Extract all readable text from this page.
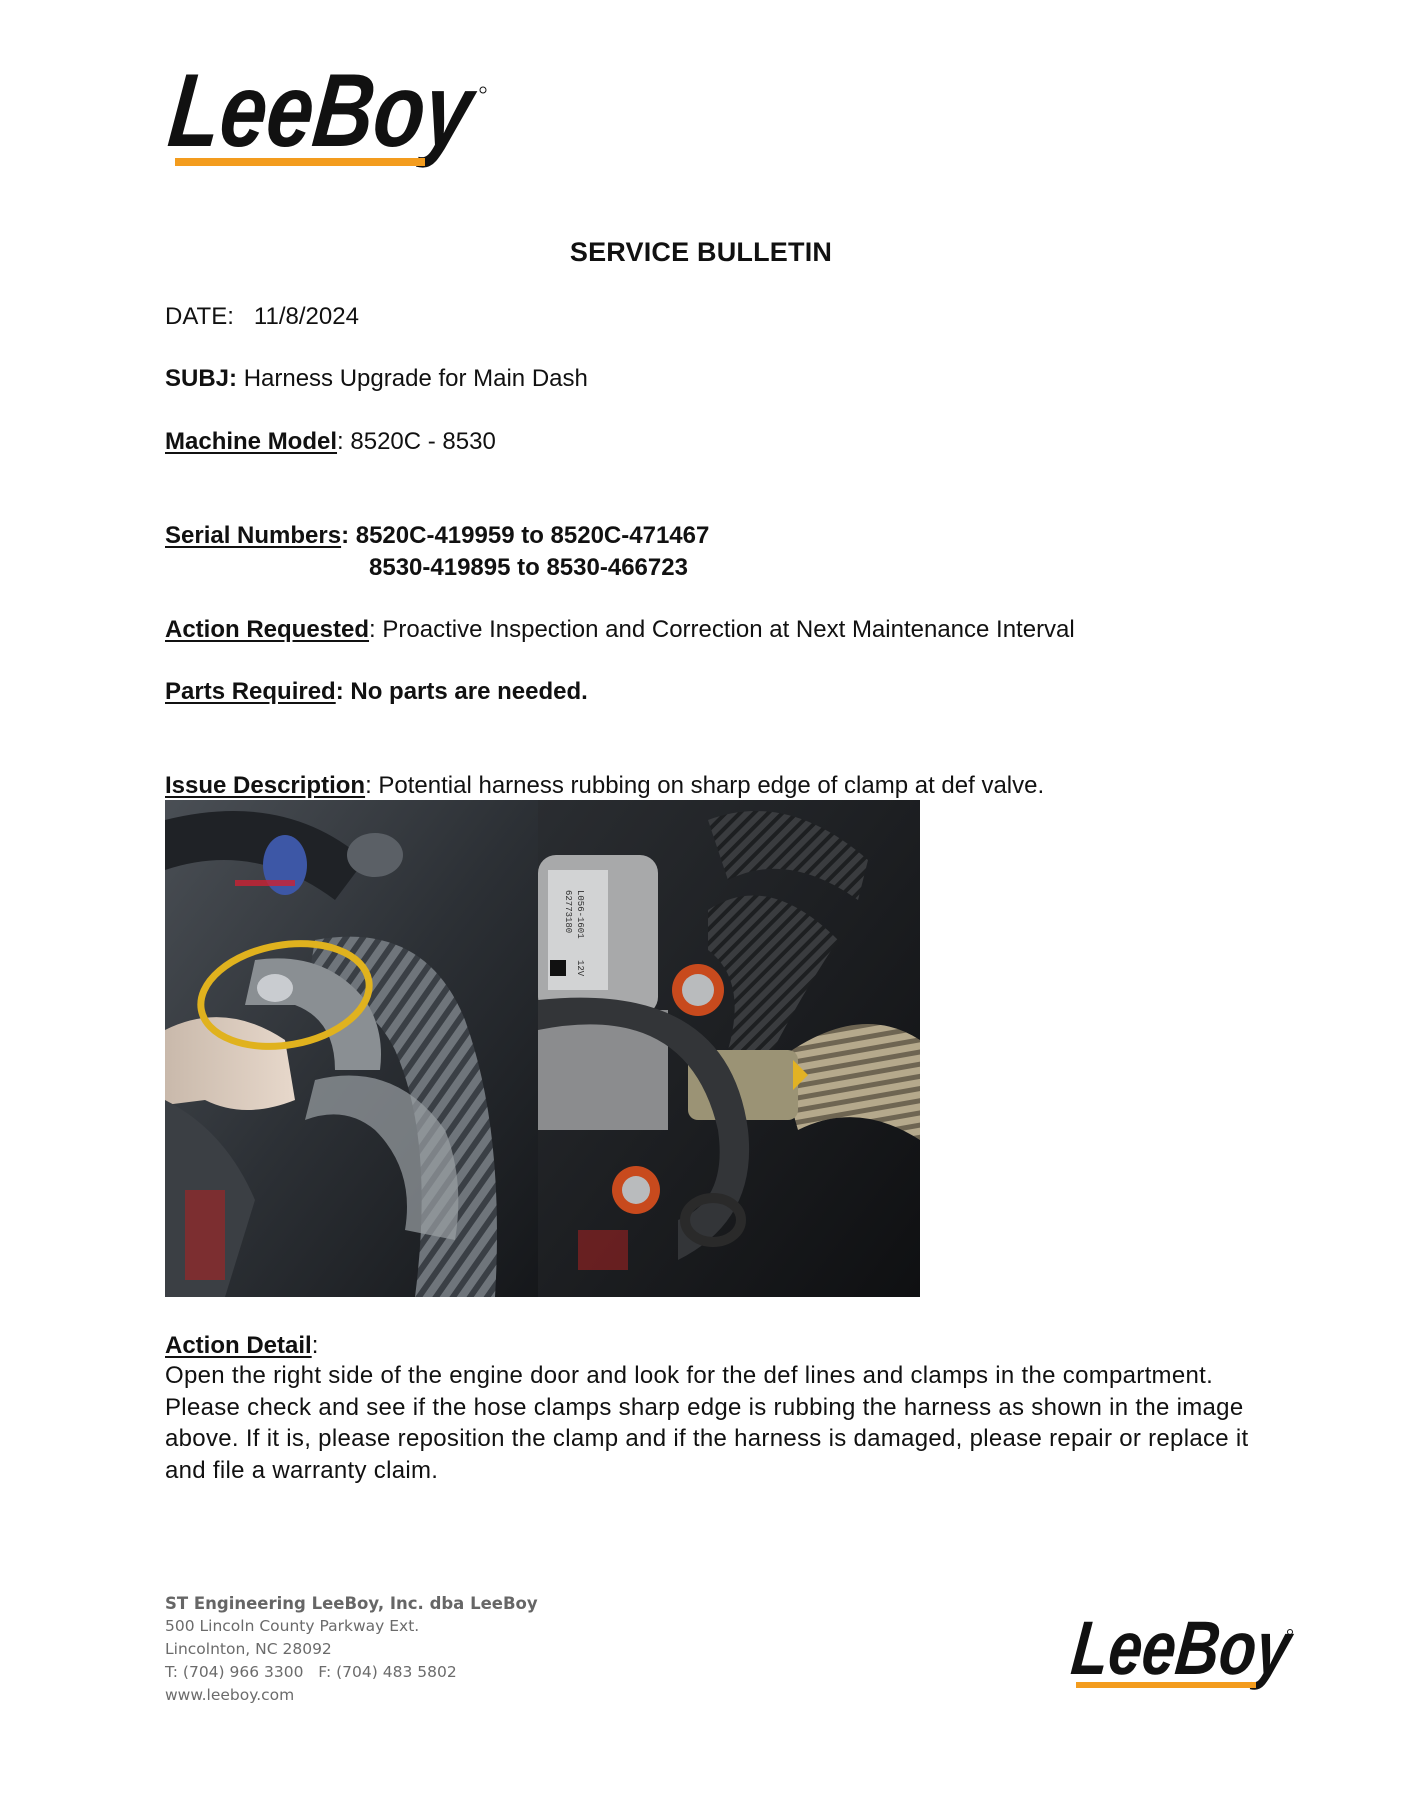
LeeBoy
SERVICE BULLETIN
DATE: 11/8/2024
SUBJ: Harness Upgrade for Main Dash
Machine Model: 8520C - 8530
Serial Numbers: 8520C-419959 to 8520C-471467
8530-419895 to 8530-466723
Action Requested: Proactive Inspection and Correction at Next Maintenance Interval
Parts Required: No parts are needed.
Issue Description: Potential harness rubbing on sharp edge of clamp at def valve.
L056-1601
62773180
12V
Action Detail:
Open the right side of the engine door and look for the def lines and clamps in the compartment. Please check and see if the hose clamps sharp edge is rubbing the harness as shown in the image above. If it is, please reposition the clamp and if the harness is damaged, please repair or replace it and file a warranty claim.
ST Engineering LeeBoy, Inc. dba LeeBoy
500 Lincoln County Parkway Ext.
Lincolnton, NC 28092
T: (704) 966 3300   F: (704) 483 5802
www.leeboy.com
LeeBoy
